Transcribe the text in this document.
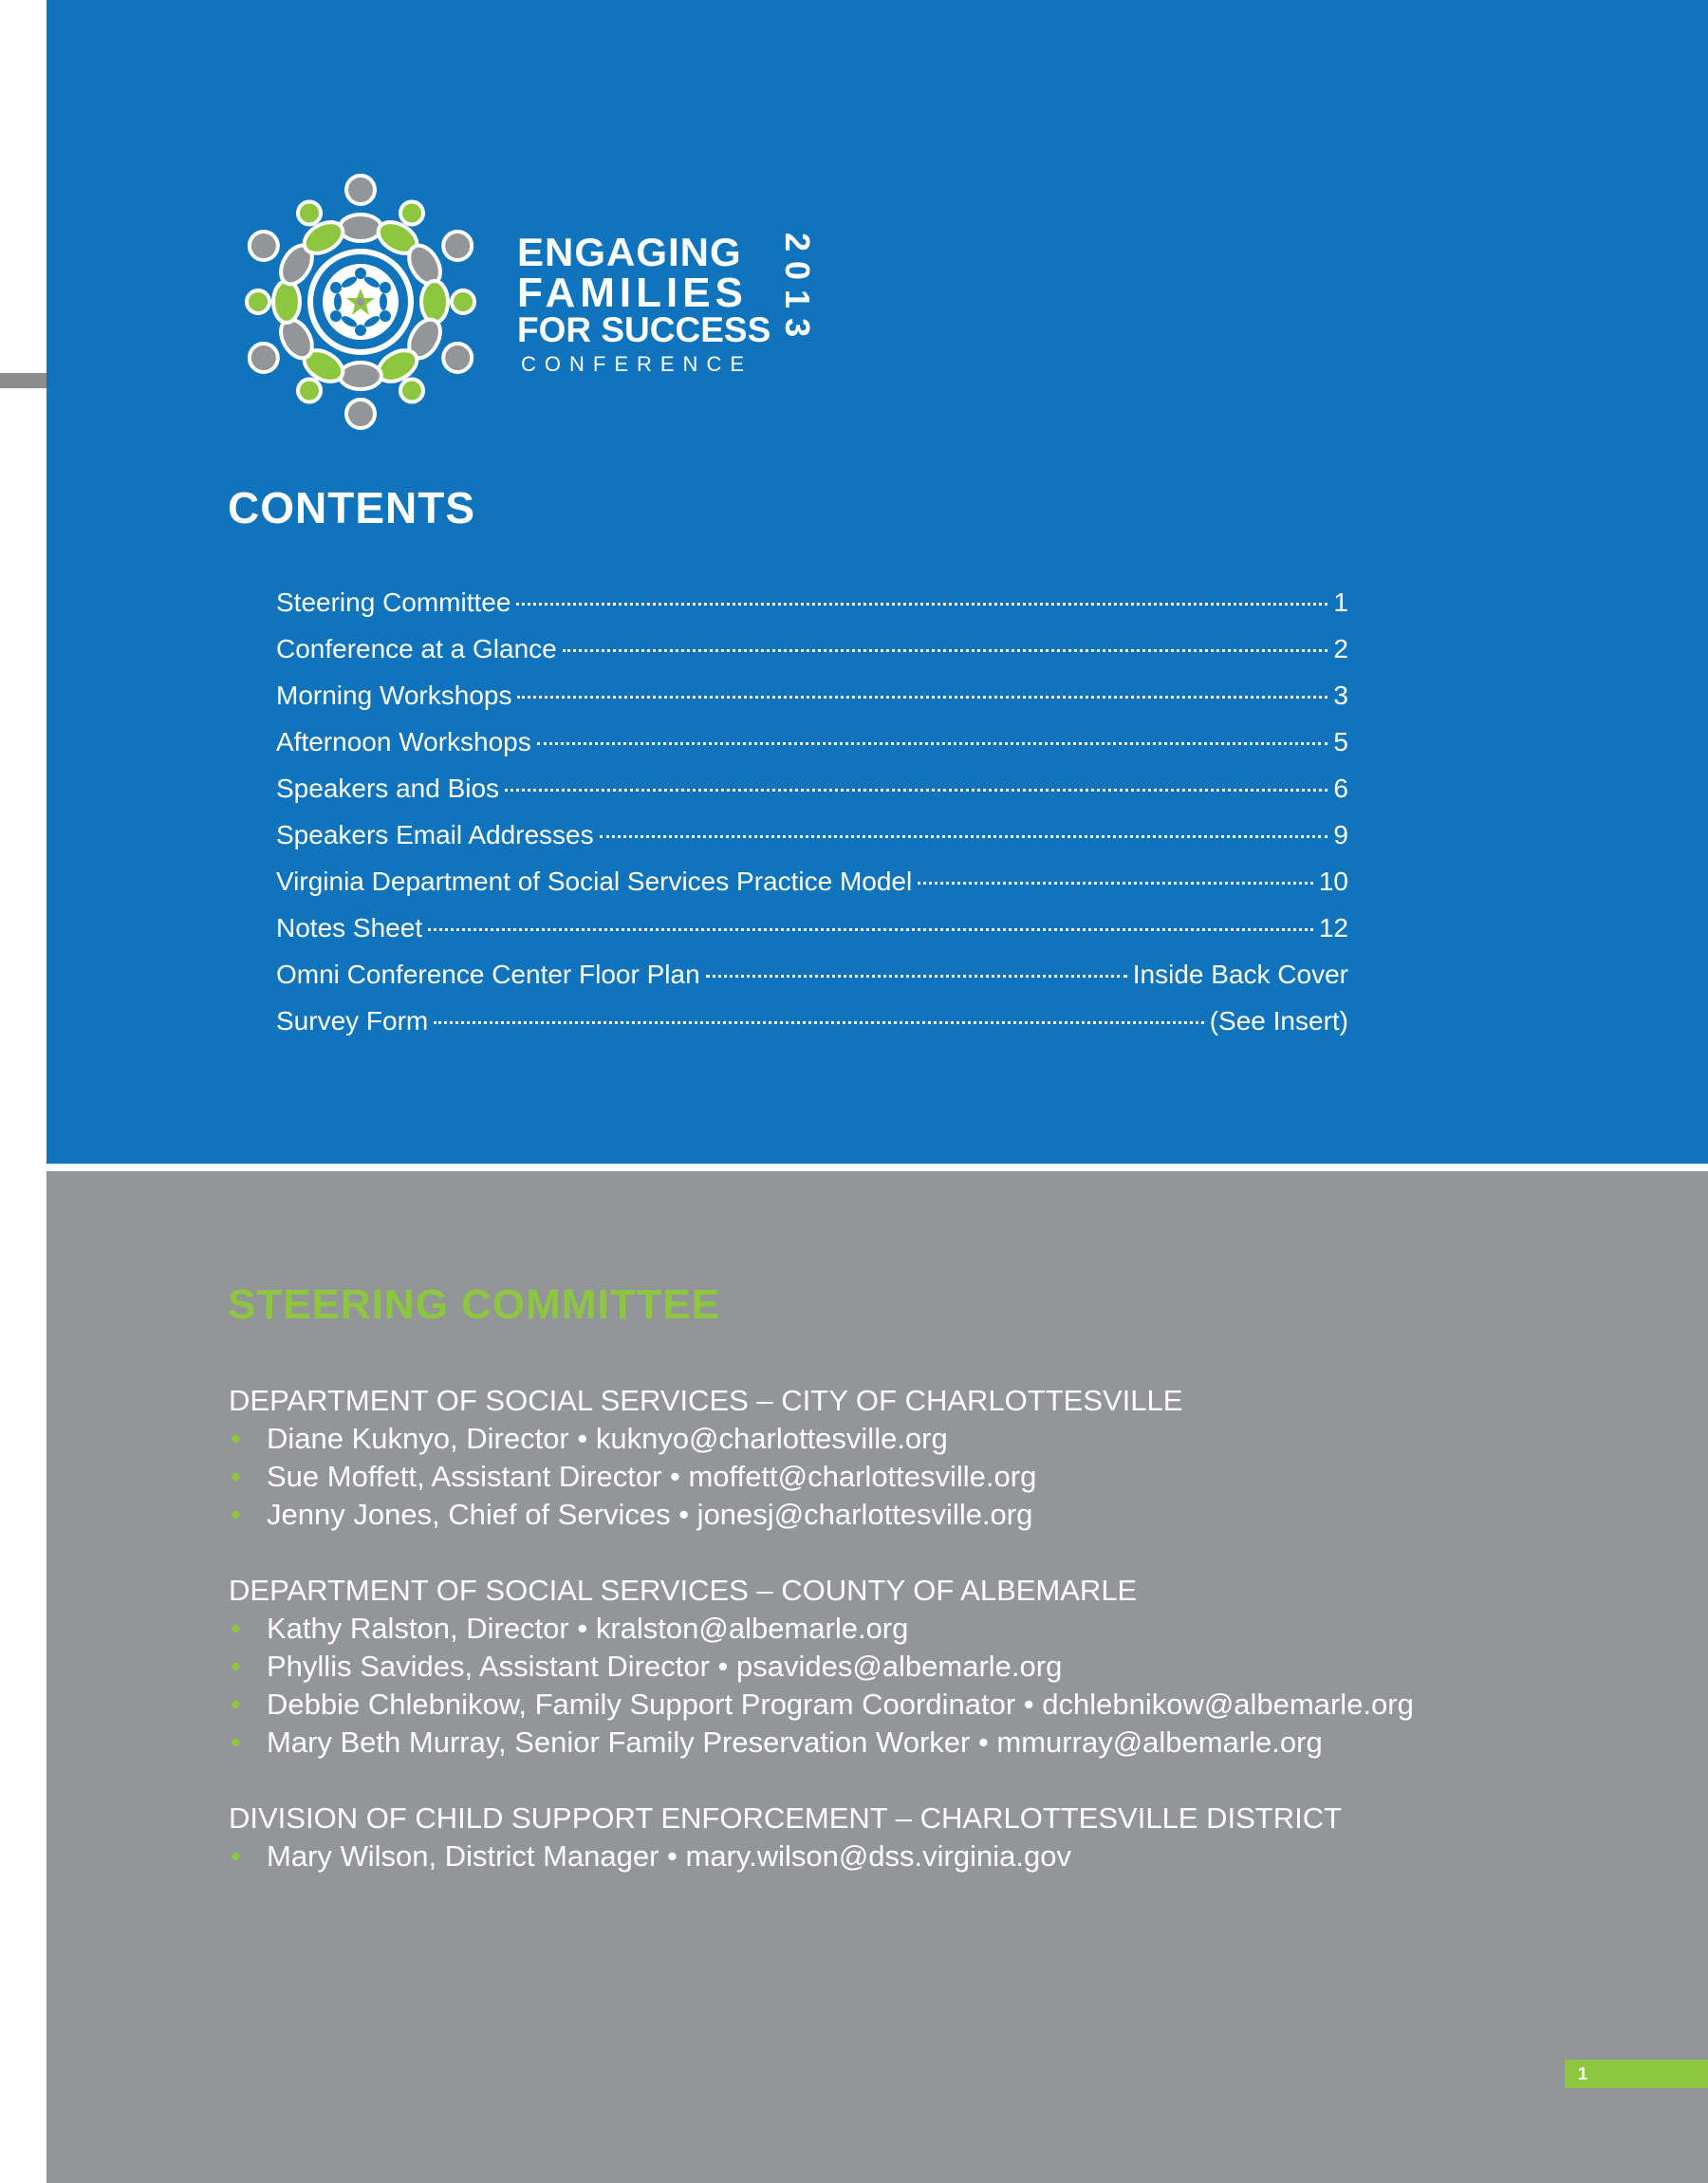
ENGAGING
FAMILIES
FOR SUCCESS
CONFERENCE
2013
CONTENTS
Steering Committee	1
Conference at a Glance	2
Morning Workshops	3
Afternoon Workshops	5
Speakers and Bios	6
Speakers Email Addresses	9
Virginia Department of Social Services Practice Model	10
Notes Sheet	12
Omni Conference Center Floor Plan	Inside Back Cover
Survey Form	(See Insert)
STEERING COMMITTEE

DEPARTMENT OF SOCIAL SERVICES – CITY OF CHARLOTTESVILLE

• Diane Kuknyo, Director • kuknyo@charlottesville.org
• Sue Moffett, Assistant Director • moffett@charlottesville.org
• Jenny Jones, Chief of Services • jonesj@charlottesville.org

DEPARTMENT OF SOCIAL SERVICES – COUNTY OF ALBEMARLE

• Kathy Ralston, Director • kralston@albemarle.org
• Phyllis Savides, Assistant Director • psavides@albemarle.org
• Debbie Chlebnikow, Family Support Program Coordinator • dchlebnikow@albemarle.org
• Mary Beth Murray, Senior Family Preservation Worker • mmurray@albemarle.org

DIVISION OF CHILD SUPPORT ENFORCEMENT – CHARLOTTESVILLE DISTRICT

• Mary Wilson, District Manager • mary.wilson@dss.virginia.gov
1
